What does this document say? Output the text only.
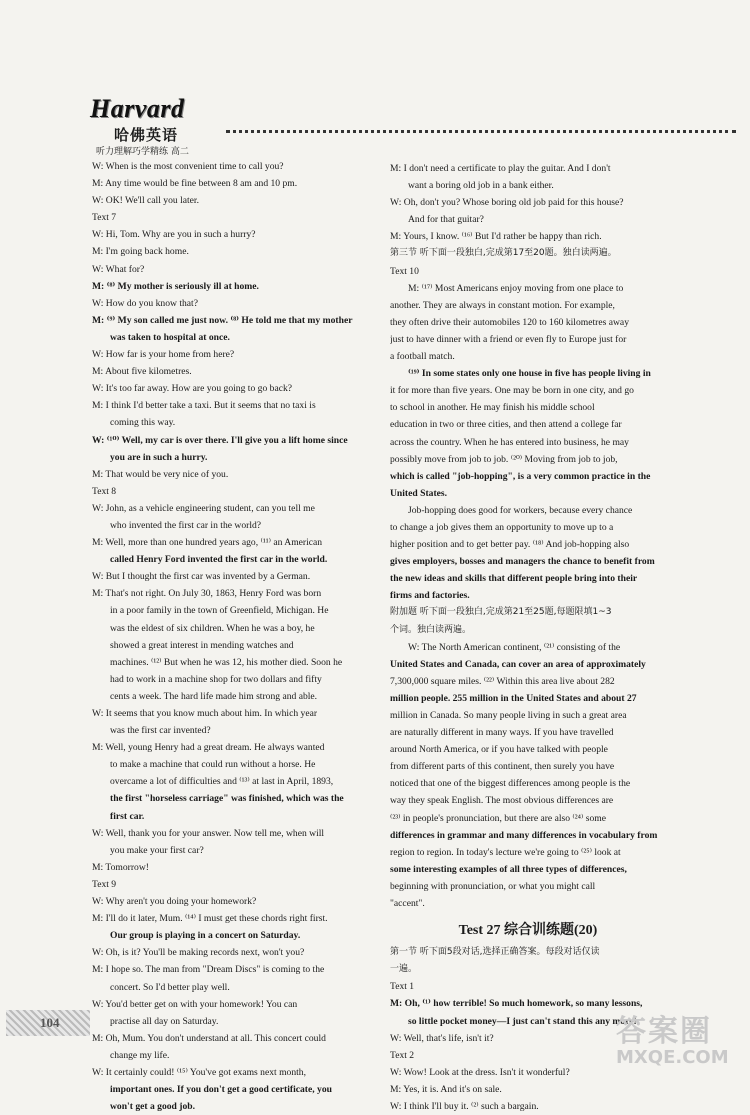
Harvard
哈佛英语
听力理解巧学精练 高二
W: When is the most convenient time to call you?
M: Any time would be fine between 8 am and 10 pm.
W: OK! We'll call you later.
Text 7
W: Hi, Tom. Why are you in such a hurry?
M: I'm going back home.
W: What for?
M: ⁽⁸⁾ My mother is seriously ill at home.
W: How do you know that?
M: ⁽⁹⁾ My son called me just now. ⁽⁸⁾ He told me that my mother
was taken to hospital at once.
W: How far is your home from here?
M: About five kilometres.
W: It's too far away. How are you going to go back?
M: I think I'd better take a taxi. But it seems that no taxi is
coming this way.
W: ⁽¹⁰⁾ Well, my car is over there. I'll give you a lift home since
you are in such a hurry.
M: That would be very nice of you.
Text 8
W: John, as a vehicle engineering student, can you tell me
who invented the first car in the world?
M: Well, more than one hundred years ago, ⁽¹¹⁾ an American
called Henry Ford invented the first car in the world.
W: But I thought the first car was invented by a German.
M: That's not right. On July 30, 1863, Henry Ford was born
in a poor family in the town of Greenfield, Michigan. He
was the eldest of six children. When he was a boy, he
showed a great interest in mending watches and
machines. ⁽¹²⁾ But when he was 12, his mother died. Soon he
had to work in a machine shop for two dollars and fifty
cents a week. The hard life made him strong and able.
W: It seems that you know much about him. In which year
was the first car invented?
M: Well, young Henry had a great dream. He always wanted
to make a machine that could run without a horse. He
overcame a lot of difficulties and ⁽¹³⁾ at last in April, 1893,
the first "horseless carriage" was finished, which was the
first car.
W: Well, thank you for your answer. Now tell me, when will
you make your first car?
M: Tomorrow!
Text 9
W: Why aren't you doing your homework?
M: I'll do it later, Mum. ⁽¹⁴⁾ I must get these chords right first.
Our group is playing in a concert on Saturday.
W: Oh, is it? You'll be making records next, won't you?
M: I hope so. The man from "Dream Discs" is coming to the
concert. So I'd better play well.
W: You'd better get on with your homework! You can
practise all day on Saturday.
M: Oh, Mum. You don't understand at all. This concert could
change my life.
W: It certainly could! ⁽¹⁵⁾ You've got exams next month,
important ones. If you don't get a good certificate, you
won't get a good job.
M: I don't need a certificate to play the guitar. And I don't
want a boring old job in a bank either.
W: Oh, don't you? Whose boring old job paid for this house?
And for that guitar?
M: Yours, I know. ⁽¹⁶⁾ But I'd rather be happy than rich.
第三节 听下面一段独白,完成第17至20题。独白读两遍。
Text 10
M: ⁽¹⁷⁾ Most Americans enjoy moving from one place to
another. They are always in constant motion. For example,
they often drive their automobiles 120 to 160 kilometres away
just to have dinner with a friend or even fly to Europe just for
a football match.
⁽¹⁹⁾ In some states only one house in five has people living in
it for more than five years. One may be born in one city, and go
to school in another. He may finish his middle school
education in two or three cities, and then attend a college far
across the country. When he has entered into business, he may
possibly move from job to job. ⁽²⁰⁾ Moving from job to job,
which is called "job-hopping", is a very common practice in the
United States.
Job-hopping does good for workers, because every chance
to change a job gives them an opportunity to move up to a
higher position and to get better pay. ⁽¹⁸⁾ And job-hopping also
gives employers, bosses and managers the chance to benefit from
the new ideas and skills that different people bring into their
firms and factories.
附加题 听下面一段独白,完成第21至25题,每题限填1~3
个词。独白读两遍。
W: The North American continent, ⁽²¹⁾ consisting of the
United States and Canada, can cover an area of approximately
7,300,000 square miles. ⁽²²⁾ Within this area live about 282
million people. 255 million in the United States and about 27
million in Canada. So many people living in such a great area
are naturally different in many ways. If you have travelled
around North America, or if you have talked with people
from different parts of this continent, then surely you have
noticed that one of the biggest differences among people is the
way they speak English. The most obvious differences are
⁽²³⁾ in people's pronunciation, but there are also ⁽²⁴⁾ some
differences in grammar and many differences in vocabulary from
region to region. In today's lecture we're going to ⁽²⁵⁾ look at
some interesting examples of all three types of differences,
beginning with pronunciation, or what you might call
"accent".
Test 27 综合训练题(20)
第一节 听下面5段对话,选择正确答案。每段对话仅读
一遍。
Text 1
M: Oh, ⁽¹⁾ how terrible! So much homework, so many lessons,
so little pocket money—I just can't stand this any more!
W: Well, that's life, isn't it?
Text 2
W: Wow! Look at the dress. Isn't it wonderful?
M: Yes, it is. And it's on sale.
W: I think I'll buy it. ⁽²⁾ such a bargain.
104	答案圈
MXQE.COM
